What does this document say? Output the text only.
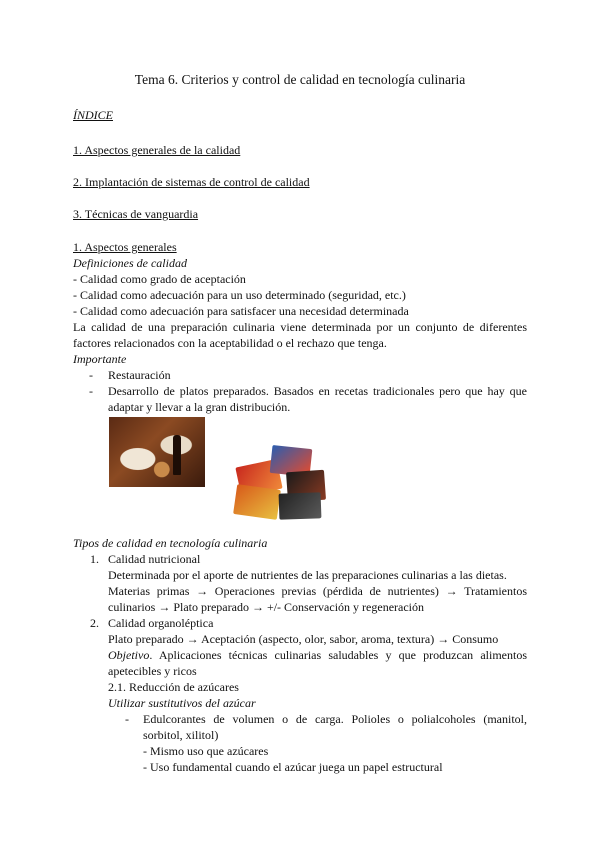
Tema 6. Criterios y control de calidad en tecnología culinaria
ÍNDICE
1. Aspectos generales de la calidad
2. Implantación de sistemas de control de calidad
3. Técnicas de vanguardia
1. Aspectos generales
Definiciones de calidad
- Calidad como grado de aceptación
- Calidad como adecuación para un uso determinado (seguridad, etc.)
- Calidad como adecuación para satisfacer una necesidad determinada
La calidad de una preparación culinaria viene determinada por un conjunto de diferentes factores relacionados con la aceptabilidad o el rechazo que tenga.
Importante
- Restauración
- Desarrollo de platos preparados. Basados en recetas tradicionales pero que hay que adaptar y llevar a la gran distribución.
Tipos de calidad en tecnología culinaria
1. Calidad nutricional
Determinada por el aporte de nutrientes de las preparaciones culinarias a las dietas.
Materias primas → Operaciones previas (pérdida de nutrientes) → Tratamientos culinarios → Plato preparado → +/- Conservación y regeneración
2. Calidad organoléptica
Plato preparado → Aceptación (aspecto, olor, sabor, aroma, textura) → Consumo
Objetivo. Aplicaciones técnicas culinarias saludables y que produzcan alimentos apetecibles y ricos
2.1. Reducción de azúcares
Utilizar sustitutivos del azúcar
- Edulcorantes de volumen o de carga. Polioles o polialcoholes (manitol, sorbitol, xilitol)
- Mismo uso que azúcares
- Uso fundamental cuando el azúcar juega un papel estructural
